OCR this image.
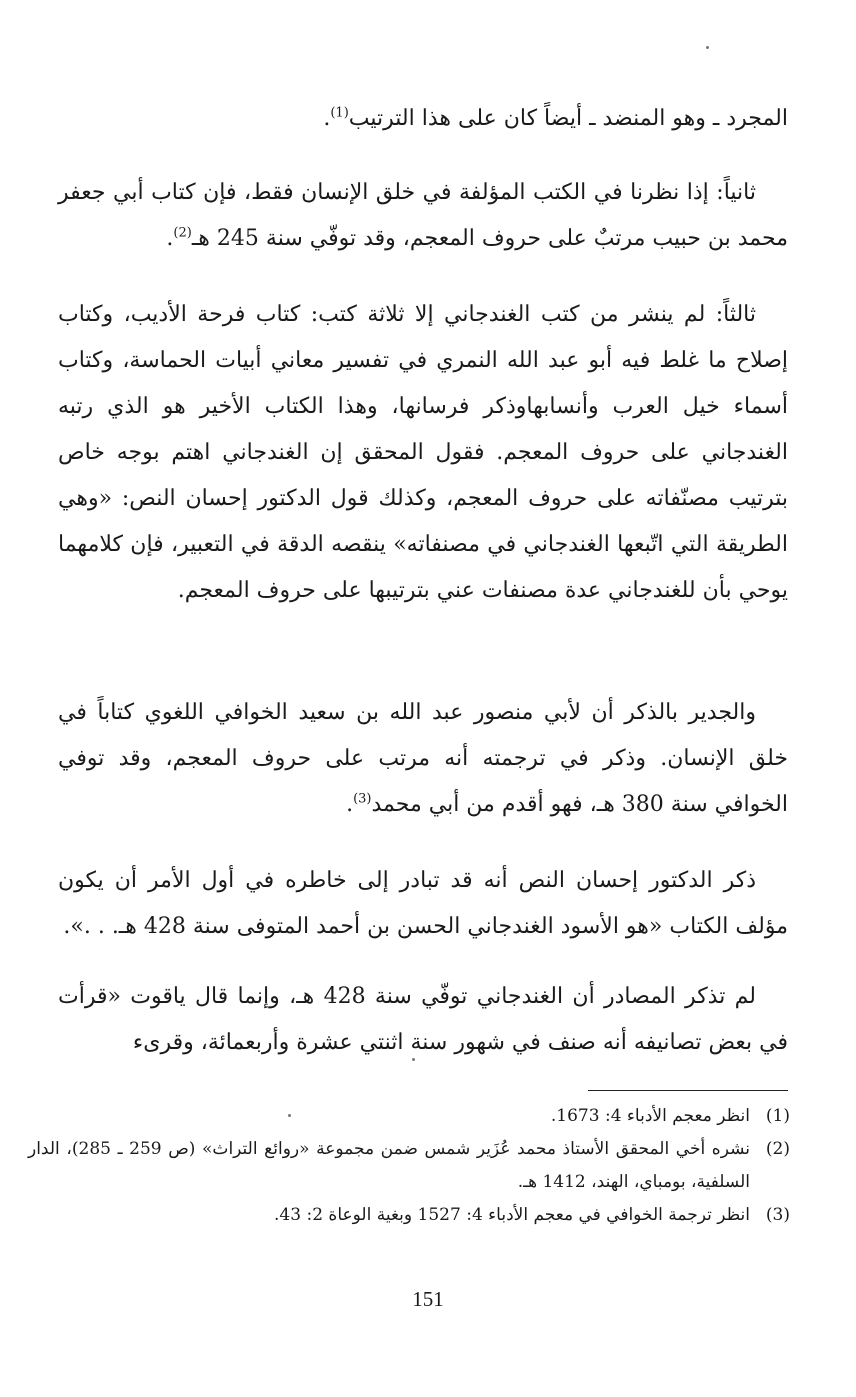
المجرد ـ وهو المنضد ـ أيضاً كان على هذا الترتيب$^{(1)}$.

ثانياً: إذا نظرنا في الكتب المؤلفة في خلق الإنسان فقط، فإن كتاب أبي جعفر محمد بن حبيب مرتبٌ على حروف المعجم، وقد توفّي سنة 245 هـ$^{(2)}$.

ثالثاً: لم ينشر من كتب الغندجاني إلا ثلاثة كتب: كتاب فرحة الأديب، وكتاب إصلاح ما غلط فيه أبو عبد الله النمري في تفسير معاني أبيات الحماسة، وكتاب أسماء خيل العرب وأنسابهاوذكر فرسانها، وهذا الكتاب الأخير هو الذي رتبه الغندجاني على حروف المعجم. فقول المحقق إن الغندجاني اهتم بوجه خاص بترتيب مصنّفاته على حروف المعجم، وكذلك قول الدكتور إحسان النص: «وهي الطريقة التي اتّبعها الغندجاني في مصنفاته» ينقصه الدقة في التعبير، فإن كلامهما يوحي بأن للغندجاني عدة مصنفات عني بترتيبها على حروف المعجم.

والجدير بالذكر أن لأبي منصور عبد الله بن سعيد الخوافي اللغوي كتاباً في خلق الإنسان. وذكر في ترجمته أنه مرتب على حروف المعجم، وقد توفي الخوافي سنة 380 هـ، فهو أقدم من أبي محمد$^{(3)}$.

ذكر الدكتور إحسان النص أنه قد تبادر إلى خاطره في أول الأمر أن يكون مؤلف الكتاب «هو الأسود الغندجاني الحسن بن أحمد المتوفى سنة 428 هـ. . .».

لم تذكر المصادر أن الغندجاني توفّي سنة 428 هـ، وإنما قال ياقوت «قرأت في بعض تصانيفه أنه صنف في شهور سنة اثنتي عشرة وأربعمائة، وقرىء

(1)
انظر معجم الأدباء 4: 1673.
(2)
نشره أخي المحقق الأستاذ محمد عُزَير شمس ضمن مجموعة «روائع التراث» (ص 259 ـ 285)، الدار السلفية، بومباي، الهند، 1412 هـ.
(3)
انظر ترجمة الخوافي في معجم الأدباء 4: 1527 وبغية الوعاة 2: 43.
151
